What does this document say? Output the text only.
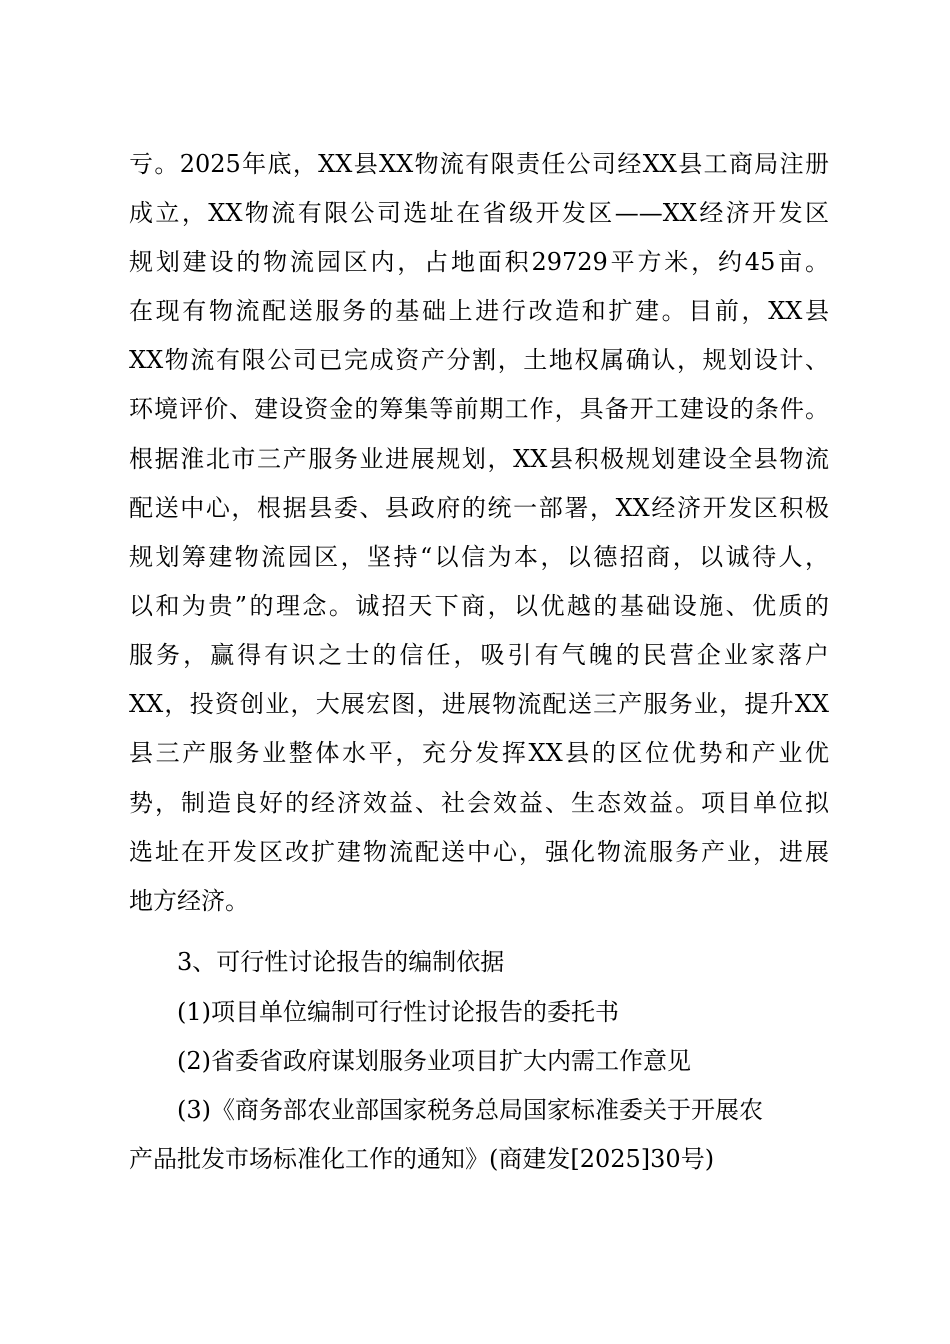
亏。2025年底，XX县XX物流有限责任公司经XX县工商局注册
成立，XX物流有限公司选址在省级开发区——XX经济开发区
规划建设的物流园区内，占地面积29729平方米，约45亩。
在现有物流配送服务的基础上进行改造和扩建。目前，XX县
XX物流有限公司已完成资产分割，土地权属确认，规划设计、
环境评价、建设资金的筹集等前期工作，具备开工建设的条件。
根据淮北市三产服务业进展规划，XX县积极规划建设全县物流
配送中心，根据县委、县政府的统一部署，XX经济开发区积极
规划筹建物流园区，坚持“以信为本，以德招商，以诚待人，
以和为贵”的理念。诚招天下商，以优越的基础设施、优质的
服务，赢得有识之士的信任，吸引有气魄的民营企业家落户
XX，投资创业，大展宏图，进展物流配送三产服务业，提升XX
县三产服务业整体水平，充分发挥XX县的区位优势和产业优
势，制造良好的经济效益、社会效益、生态效益。项目单位拟
选址在开发区改扩建物流配送中心，强化物流服务产业，进展
地方经济。
3、可行性讨论报告的编制依据
(1)项目单位编制可行性讨论报告的委托书
(2)省委省政府谋划服务业项目扩大内需工作意见
(3)《商务部农业部国家税务总局国家标准委关于开展农
产品批发市场标准化工作的通知》(商建发[2025]30号)
